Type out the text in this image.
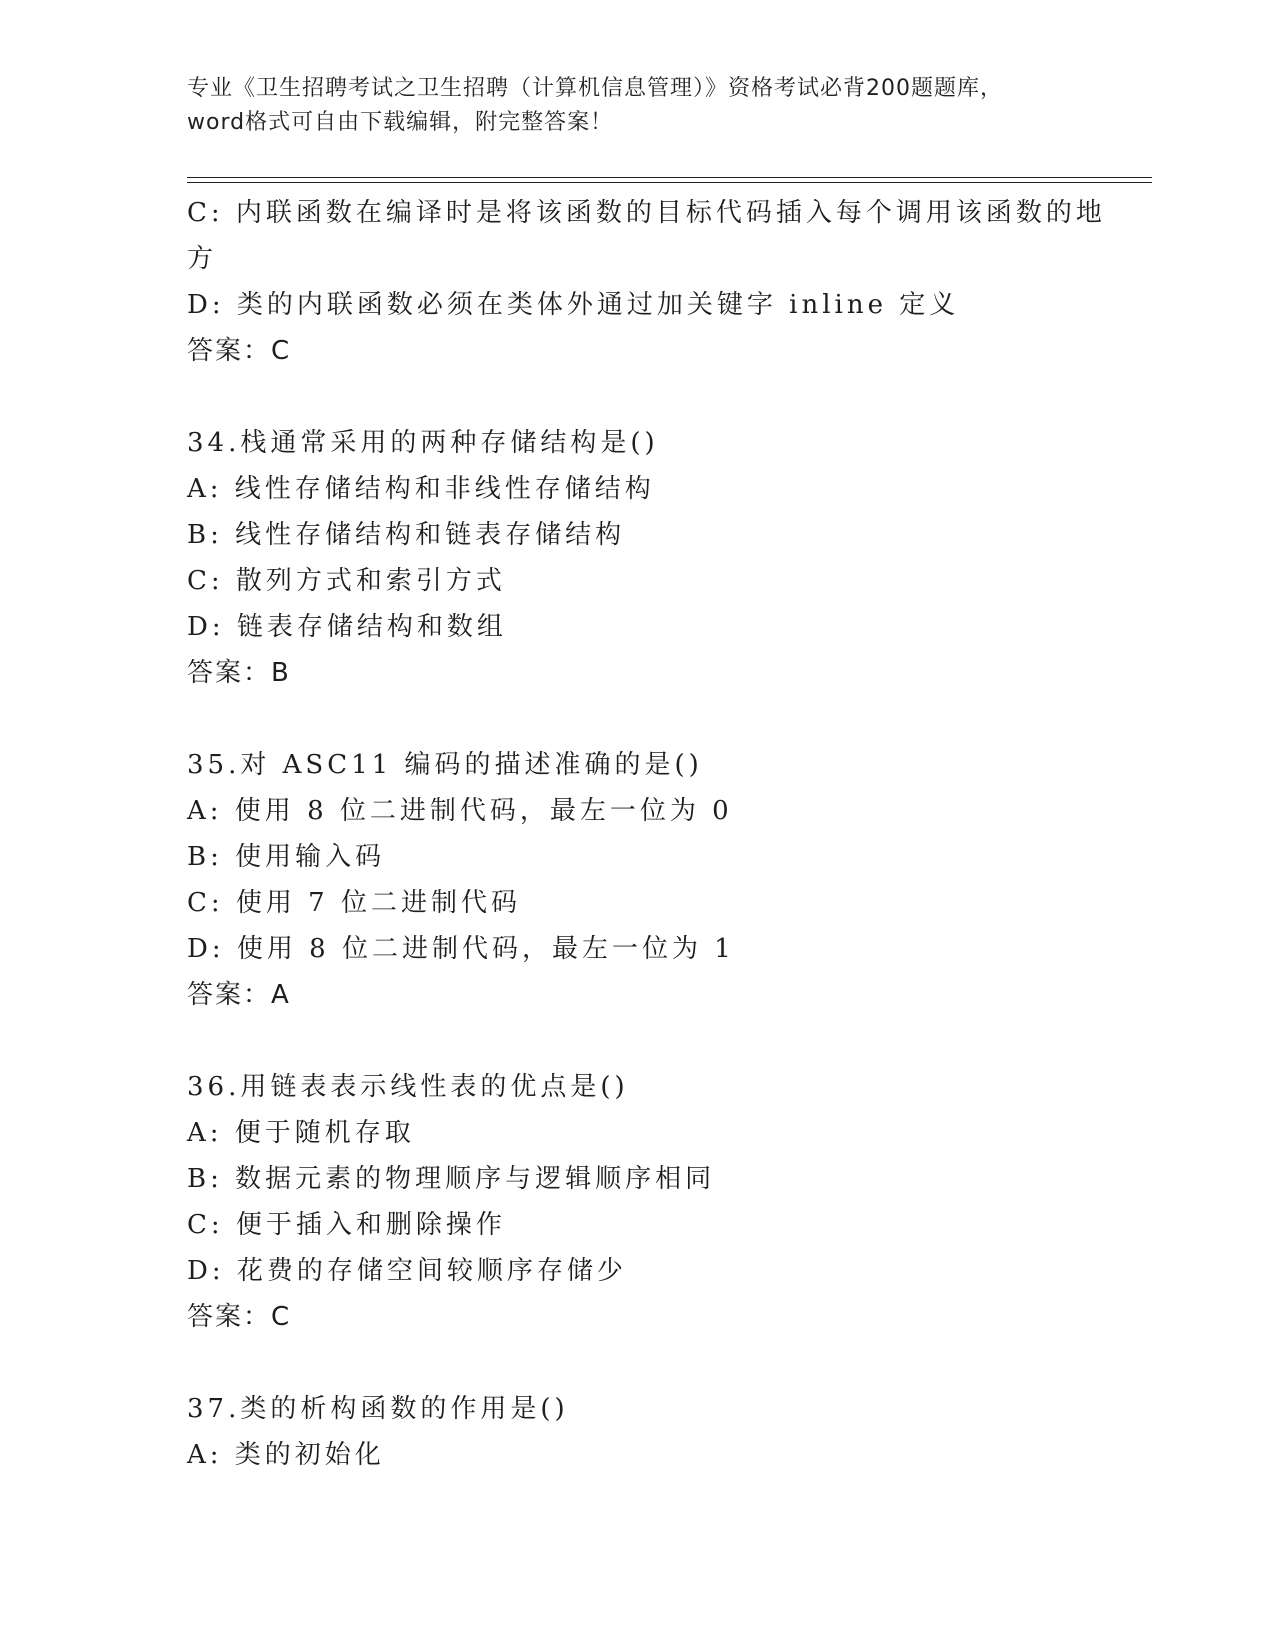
专业《卫生招聘考试之卫生招聘（计算机信息管理）》资格考试必背200题题库，
word格式可自由下载编辑，附完整答案！
C: 内联函数在编译时是将该函数的目标代码插入每个调用该函数的地
方
D: 类的内联函数必须在类体外通过加关键字 inline 定义
答案：C
34.栈通常采用的两种存储结构是()
A: 线性存储结构和非线性存储结构
B: 线性存储结构和链表存储结构
C: 散列方式和索引方式
D: 链表存储结构和数组
答案：B
35.对 ASC11 编码的描述准确的是()
A: 使用 8 位二进制代码，最左一位为 0
B: 使用输入码
C: 使用 7 位二进制代码
D: 使用 8 位二进制代码，最左一位为 1
答案：A
36.用链表表示线性表的优点是()
A: 便于随机存取
B: 数据元素的物理顺序与逻辑顺序相同
C: 便于插入和删除操作
D: 花费的存储空间较顺序存储少
答案：C
37.类的析构函数的作用是()
A: 类的初始化
